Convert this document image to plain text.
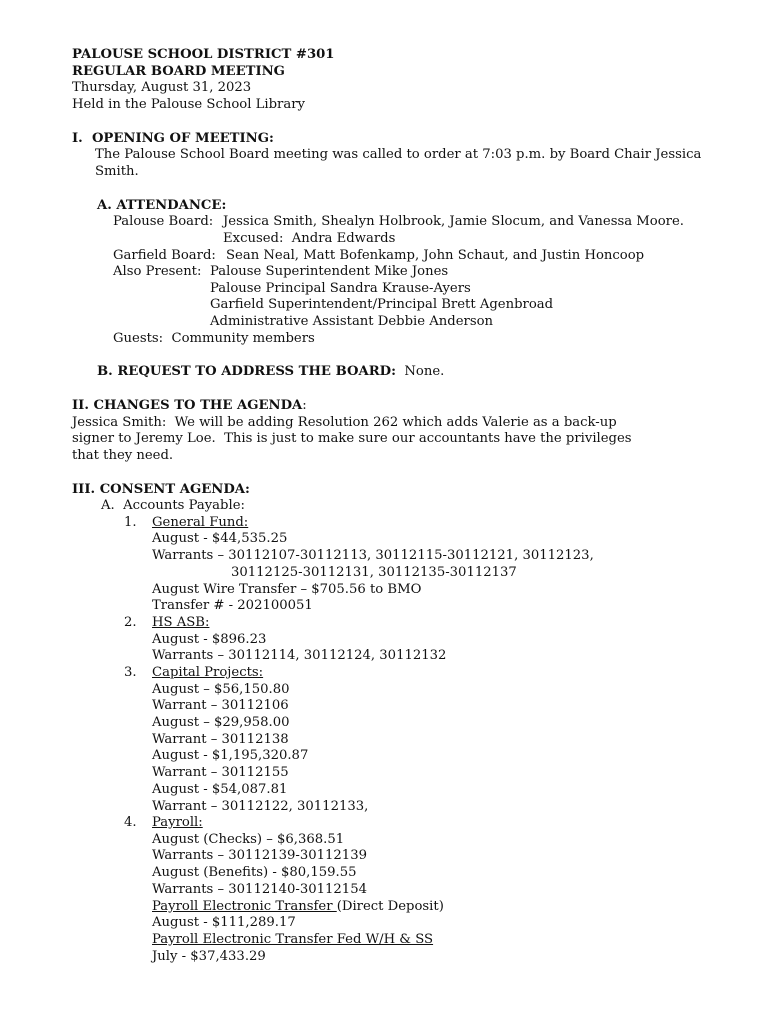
PALOUSE SCHOOL DISTRICT #301
REGULAR BOARD MEETING
Thursday, August 31, 2023
Held in the Palouse School Library
I.  OPENING OF MEETING:
The Palouse School Board meeting was called to order at 7:03 p.m. by Board Chair Jessica
Smith.
A. ATTENDANCE:
Palouse Board: Jessica Smith, Shealyn Holbrook, Jamie Slocum, and Vanessa Moore.
Excused:  Andra Edwards
Garfield Board: Sean Neal, Matt Bofenkamp, John Schaut, and Justin Honcoop
Also Present: Palouse Superintendent Mike Jones
Palouse Principal Sandra Krause-Ayers
Garfield Superintendent/Principal Brett Agenbroad
Administrative Assistant Debbie Anderson
Guests:  Community members
B. REQUEST TO ADDRESS THE BOARD: None.
II. CHANGES TO THE AGENDA:
Jessica Smith:  We will be adding Resolution 262 which adds Valerie as a back-up
signer to Jeremy Loe.  This is just to make sure our accountants have the privileges
that they need.
III. CONSENT AGENDA:
A.  Accounts Payable:
1. General Fund:
August - $44,535.25
Warrants – 30112107-30112113, 30112115-30112121, 30112123,
30112125-30112131, 30112135-30112137
August Wire Transfer – $705.56 to BMO
Transfer # - 202100051
2. HS ASB:
August - $896.23
Warrants – 30112114, 30112124, 30112132
3. Capital Projects:
August – $56,150.80
Warrant – 30112106
August – $29,958.00
Warrant – 30112138
August - $1,195,320.87
Warrant – 30112155
August - $54,087.81
Warrant – 30112122, 30112133,
4. Payroll:
August (Checks) – $6,368.51
Warrants – 30112139-30112139
August (Benefits) - $80,159.55
Warrants – 30112140-30112154
Payroll Electronic Transfer (Direct Deposit)
August - $111,289.17
Payroll Electronic Transfer Fed W/H & SS
July - $37,433.29
